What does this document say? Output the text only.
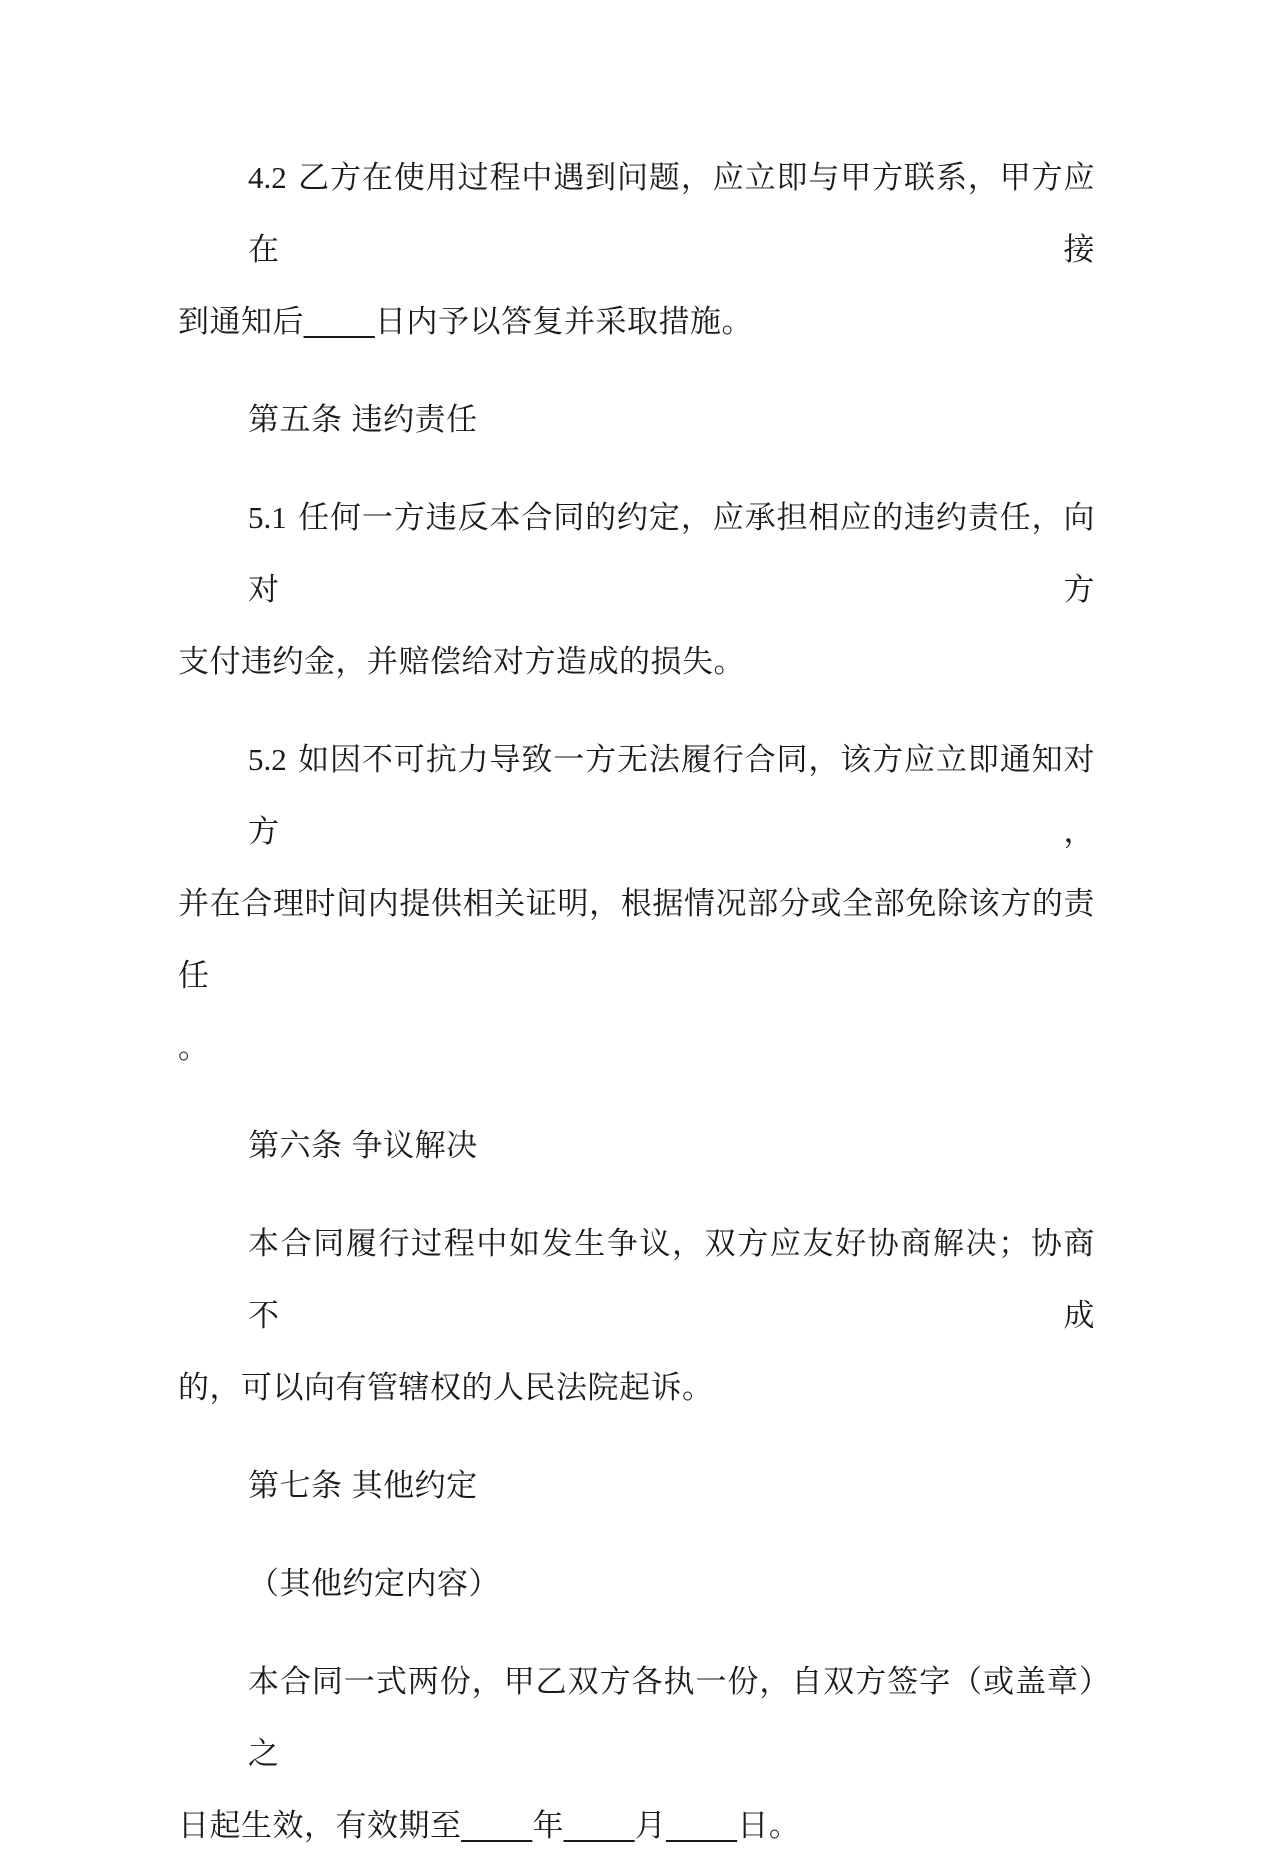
4.2 乙方在使用过程中遇到问题，应立即与甲方联系，甲方应在接
到通知后____日内予以答复并采取措施。
第五条 违约责任
5.1 任何一方违反本合同的约定，应承担相应的违约责任，向对方
支付违约金，并赔偿给对方造成的损失。
5.2 如因不可抗力导致一方无法履行合同，该方应立即通知对方，
并在合理时间内提供相关证明，根据情况部分或全部免除该方的责任
。
第六条 争议解决
本合同履行过程中如发生争议，双方应友好协商解决；协商不成
的，可以向有管辖权的人民法院起诉。
第七条 其他约定
（其他约定内容）
本合同一式两份，甲乙双方各执一份，自双方签字（或盖章）之
日起生效，有效期至____年____月____日。
